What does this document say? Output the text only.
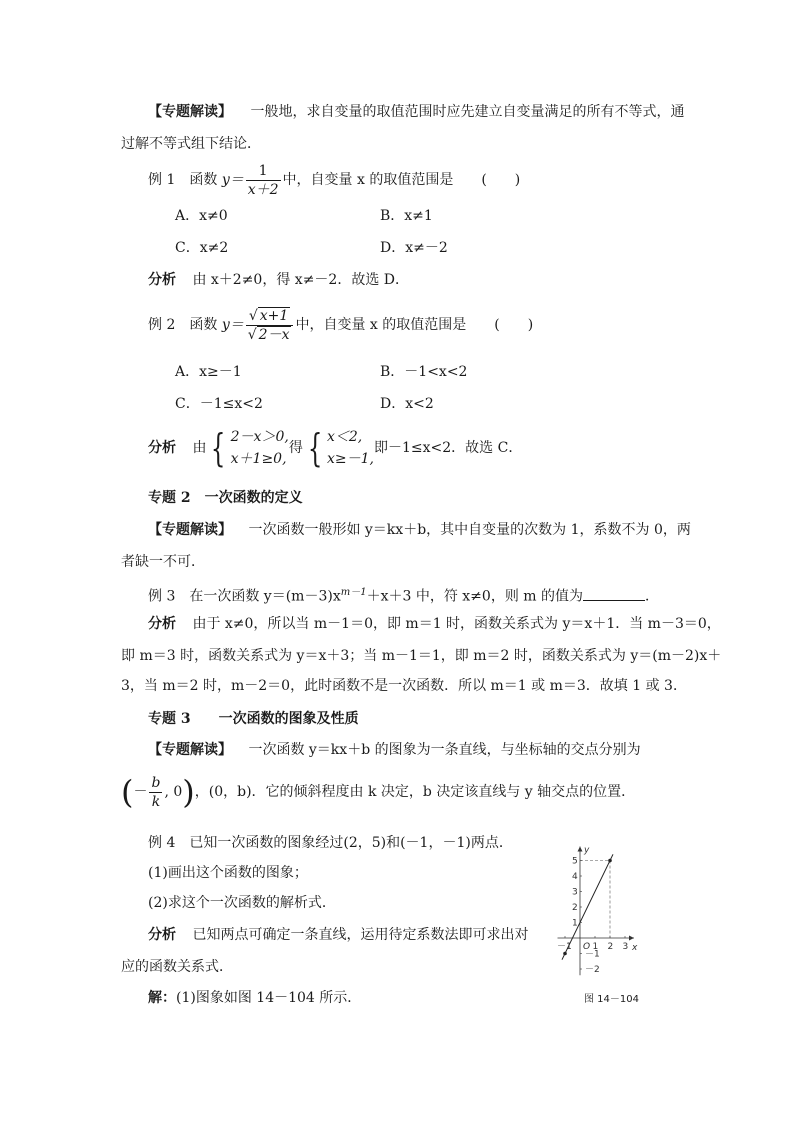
【专题解读】 一般地，求自变量的取值范围时应先建立自变量满足的所有不等式，通
过解不等式组下结论．
例 1　函数 $y= \frac{1}{x+2}$ 中，自变量 x 的取值范围是　　(　　)
A．x≠0	B．x≠1
C．x≠2	D．x≠－2
分析 由 x＋2≠0，得 x≠－2．故选 D．
例 2　函数 $y= \frac{√ x+1}{√ 2-x}$ 中，自变量 x 的取值范围是　　(　　)
A．x≥－1	B．－1<x<2
C．－1≤x<2	D．x<2
分析 由 { 2－x＞0,
x＋1≥0,
得 { x＜2,
x≥－1,
即－1≤x<2．故选 C．
专题 2　一次函数的定义
【专题解读】 一次函数一般形如 y＝kx＋b，其中自变量的次数为 1，系数不为 0，两
者缺一不可．
例 3　在一次函数 $y=(m-3)x^{m-1}+x+3$ 中，符 x≠0，则 m 的值为	．
分析 由于 x≠0，所以当 m－1＝0，即 m＝1 时，函数关系式为 y＝x＋1．当 m－3＝0，
即 m＝3 时，函数关系式为 y＝x＋3；当 m－1＝1，即 m＝2 时，函数关系式为 y＝(m－2)x＋
3，当 m＝2 时，m－2＝0，此时函数不是一次函数．所以 m＝1 或 m＝3．故填 1 或 3．
专题 3　　一次函数的图象及性质
【专题解读】 一次函数 y＝kx＋b 的图象为一条直线，与坐标轴的交点分别为
(－ $\frac{b}{k}$ , 0)，(0，b)．它的倾斜程度由 k 决定，b 决定该直线与 y 轴交点的位置．
例 4　已知一次函数的图象经过(2，5)和(－1，－1)两点．
(1)画出这个函数的图象；
(2)求这个一次函数的解析式．
分析 已知两点可确定一条直线，运用待定系数法即可求出对
应的函数关系式．
解：(1)图象如图 14－104 所示．
x
y
O
－1 1 2 3
5
4
3
2
1
－1
－2
图 14－104
